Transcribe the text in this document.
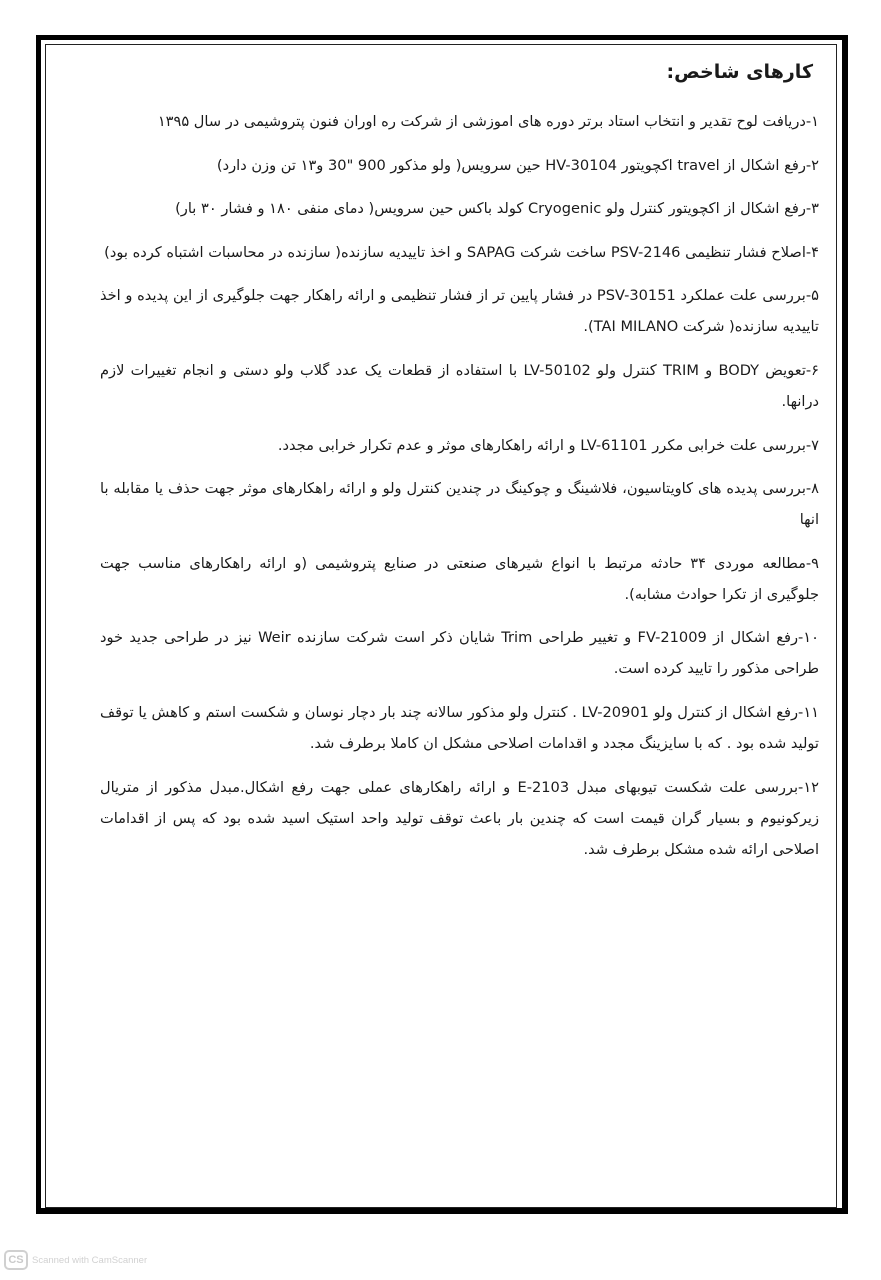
کارهای شاخص:

۱-دریافت لوح تقدیر و انتخاب استاد برتر دوره های اموزشی از شرکت ره اوران فنون پتروشیمی در سال ۱۳۹۵

۲-رفع اشکال از travel اکچویتور HV-30104 حین سرویس( ولو مذکور 900 "30 و۱۳ تن وزن دارد)

۳-رفع اشکال از اکچویتور کنترل ولو Cryogenic کولد باکس حین سرویس( دمای منفی ۱۸۰ و فشار ۳۰ بار)

۴-اصلاح فشار تنظیمی PSV-2146 ساخت شرکت SAPAG و اخذ تاییدیه سازنده( سازنده در محاسبات اشتباه کرده بود)

۵-بررسی علت عملکرد PSV-30151 در فشار پایین تر از فشار تنظیمی و ارائه راهکار جهت جلوگیری از این پدیده و اخذ تاییدیه سازنده( شرکت TAI MILANO).

۶-تعویض BODY و TRIM کنترل ولو LV-50102 با استفاده از قطعات یک عدد گلاب ولو دستی و انجام تغییرات لازم درانها.

۷-بررسی علت خرابی مکرر LV-61101 و ارائه راهکارهای موثر و عدم تکرار خرابی مجدد.

۸-بررسی پدیده های کاویتاسیون، فلاشینگ و چوکینگ در چندین کنترل ولو و ارائه راهکارهای موثر جهت حذف یا مقابله با انها

۹-مطالعه موردی ۳۴ حادثه مرتبط با انواع شیرهای صنعتی در صنایع پتروشیمی (و ارائه راهکارهای مناسب جهت جلوگیری از تکرا حوادث مشابه).

۱۰-رفع اشکال از FV-21009 و تغییر طراحی Trim شایان ذکر است شرکت سازنده Weir نیز در طراحی جدید خود طراحی مذکور را تایید کرده است.

۱۱-رفع اشکال از کنترل ولو LV-20901 . کنترل ولو مذکور سالانه چند بار دچار نوسان و شکست استم و کاهش یا توقف تولید شده بود . که با سایزینگ مجدد و اقدامات اصلاحی مشکل ان کاملا برطرف شد.

۱۲-بررسی علت شکست تیوبهای مبدل E-2103 و ارائه راهکارهای عملی جهت رفع اشکال.مبدل مذکور از متریال زیرکونیوم و بسیار گران قیمت است که چندین بار باعث توقف تولید واحد استیک اسید شده بود که پس از اقدامات اصلاحی ارائه شده مشکل برطرف شد.

CS Scanned with CamScanner
